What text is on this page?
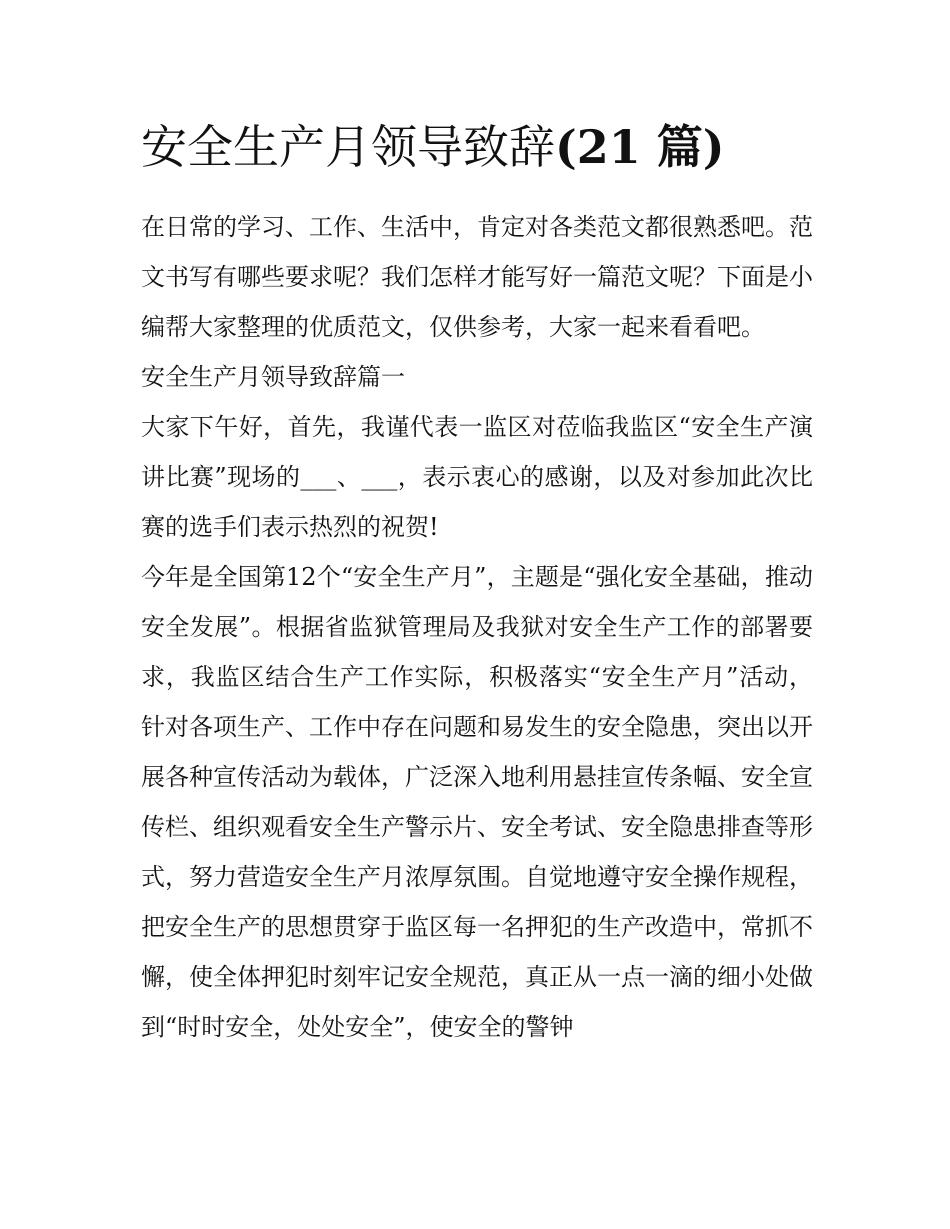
安全生产月领导致辞(21 篇)

在日常的学习、工作、生活中，肯定对各类范文都很熟悉吧。范文书写有哪些要求呢？我们怎样才能写好一篇范文呢？下面是小编帮大家整理的优质范文，仅供参考，大家一起来看看吧。

安全生产月领导致辞篇一

大家下午好，首先，我谨代表一监区对莅临我监区“安全生产演讲比赛”现场的___、___，表示衷心的感谢，以及对参加此次比赛的选手们表示热烈的祝贺!

今年是全国第12个“安全生产月”，主题是“强化安全基础，推动安全发展”。根据省监狱管理局及我狱对安全生产工作的部署要求，我监区结合生产工作实际，积极落实“安全生产月”活动，针对各项生产、工作中存在问题和易发生的安全隐患，突出以开展各种宣传活动为载体，广泛深入地利用悬挂宣传条幅、安全宣传栏、组织观看安全生产警示片、安全考试、安全隐患排查等形式，努力营造安全生产月浓厚氛围。自觉地遵守安全操作规程，把安全生产的思想贯穿于监区每一名押犯的生产改造中，常抓不懈，使全体押犯时刻牢记安全规范，真正从一点一滴的细小处做到“时时安全，处处安全”，使安全的警钟
